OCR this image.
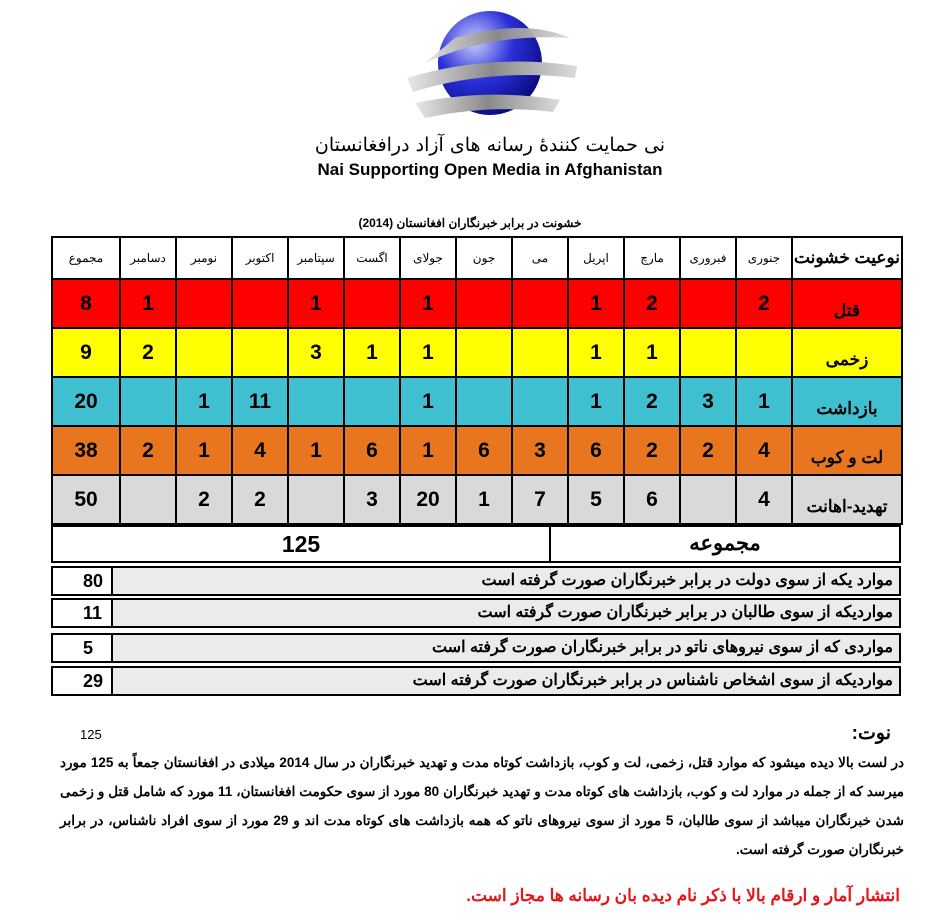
نی حمایت کنندهٔ رسانه های آزاد درافغانستان
Nai Supporting Open Media in Afghanistan
خشونت در برابر خبرنگاران افغانستان (2014)
نوعیت خشونت	جنوری	فبروری	مارچ	اپریل	می	جون	جولای	اگست	سپتامبر	اکتوبر	نومبر	دسامبر	مجموع
قتل	2		2	1			1		1			1	8
زخمی			1	1			1	1	3			2	9
بازداشت	1	3	2	1			1			11	1		20
لت و کوب	4	2	2	6	3	6	1	6	1	4	1	2	38
تهدید-اهانت	4		6	5	7	1	20	3		2	2		50
مجموعه
125
موارد یکه از سوی دولت در برابر خبرنگاران صورت گرفته است
80
مواردیکه از سوی طالبان در برابر خبرنگاران صورت گرفته است
11
مواردی که از سوی نیروهای ناتو در برابر خبرنگاران صورت گرفته است
5
مواردیکه از سوی اشخاص ناشناس در برابر خبرنگاران صورت گرفته است
29
125	نوت:
در لست بالا دیده میشود که موارد قتل، زخمی، لت و کوب، بازداشت کوتاه مدت و تهدید خبرنگاران در سال 2014 میلادی در افغانستان جمعاً به 125 مورد میرسد که از جمله در موارد لت و کوب، بازداشت های کوتاه مدت و تهدید خبرنگاران 80 مورد از سوی حکومت افغانستان، 11 مورد که شامل قتل و زخمی شدن خبرنگاران میباشد از سوی طالبان، 5 مورد از سوی نیروهای ناتو که همه بازداشت های کوتاه مدت اند و 29 مورد از سوی افراد ناشناس، در برابر خبرنگاران صورت گرفته است.
انتشار آمار و ارقام بالا با ذکر نام دیده بان رسانه ها مجاز است.
